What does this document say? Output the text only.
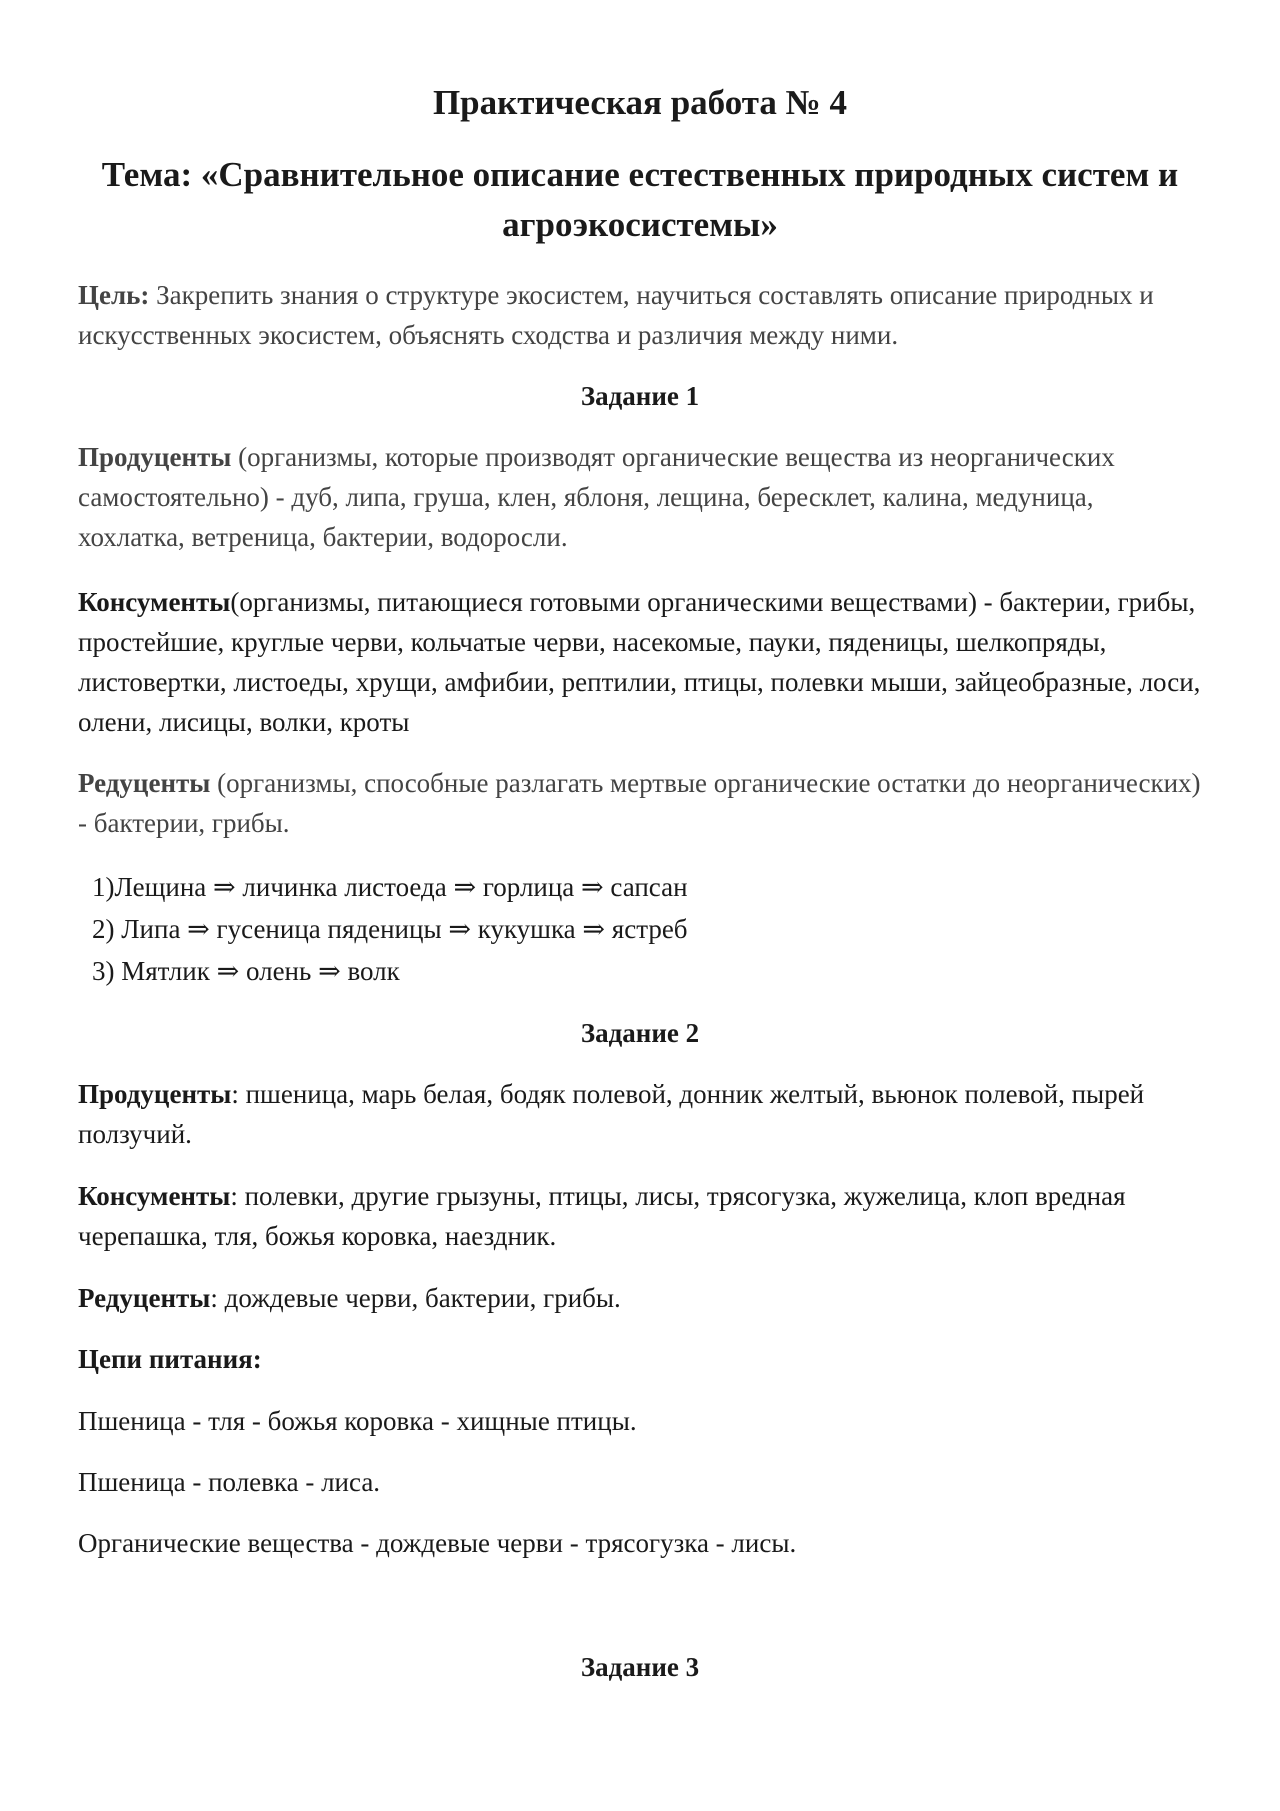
Практическая работа № 4
Тема: «Сравнительное описание естественных природных систем и агроэкосистемы»

Цель: Закрепить знания о структуре экосистем, научиться составлять описание природных и искусственных экосистем, объяснять сходства и различия между ними.

Задание 1

Продуценты (организмы, которые производят органические вещества из неорганических самостоятельно) - дуб, липа, груша, клен, яблоня, лещина, бересклет, калина, медуница, хохлатка, ветреница, бактерии, водоросли.

Консументы(организмы, питающиеся готовыми органическими веществами) - бактерии, грибы, простейшие, круглые черви, кольчатые черви, насекомые, пауки, пяденицы, шелкопряды, листовертки, листоеды, хрущи, амфибии, рептилии, птицы, полевки мыши, зайцеобразные, лоси, олени, лисицы, волки, кроты

Редуценты (организмы, способные разлагать мертвые органические остатки до неорганических) - бактерии, грибы.

1)Лещина ⇒ личинка листоеда ⇒ горлица ⇒ сапсан
2) Липа ⇒ гусеница пяденицы ⇒ кукушка ⇒ ястреб
3) Мятлик ⇒ олень ⇒ волк
Задание 2

Продуценты: пшеница, марь белая, бодяк полевой, донник желтый, вьюнок полевой, пырей ползучий.

Консументы: полевки, другие грызуны, птицы, лисы, трясогузка, жужелица, клоп вредная черепашка, тля, божья коровка, наездник.

Редуценты: дождевые черви, бактерии, грибы.

Цепи питания:

Пшеница - тля - божья коровка - хищные птицы.

Пшеница - полевка - лиса.

Органические вещества - дождевые черви - трясогузка - лисы.

Задание 3
